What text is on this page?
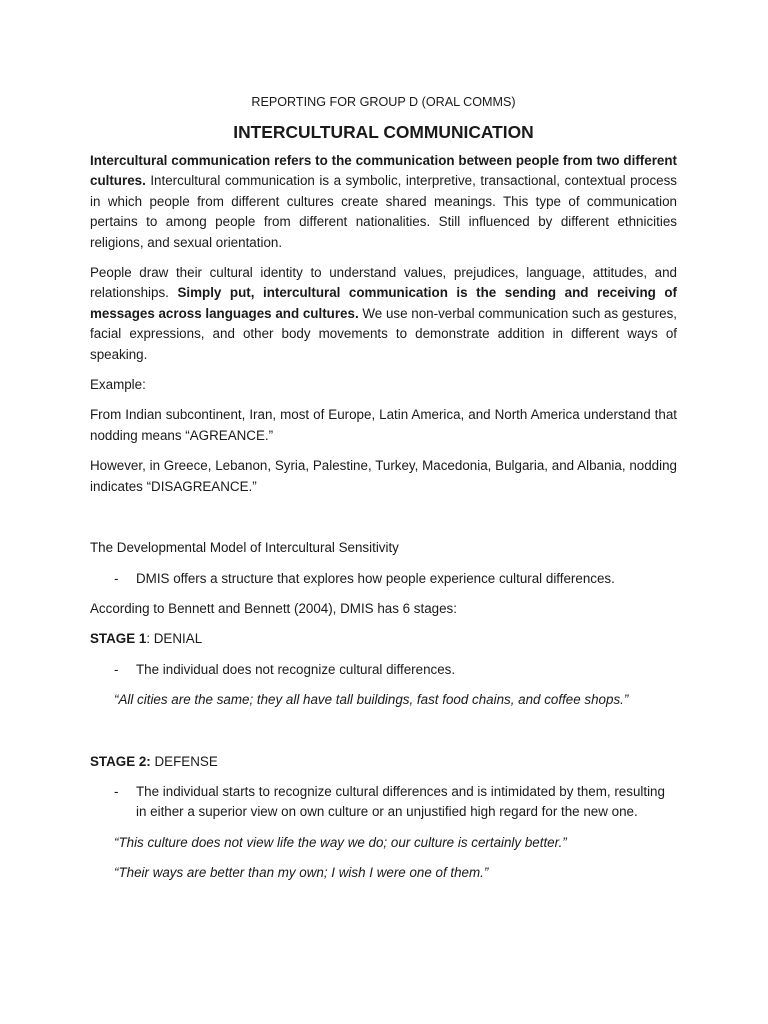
REPORTING FOR GROUP D (ORAL COMMS)
INTERCULTURAL COMMUNICATION

Intercultural communication refers to the communication between people from two different cultures. Intercultural communication is a symbolic, interpretive, transactional, contextual process in which people from different cultures create shared meanings. This type of communication pertains to among people from different nationalities. Still influenced by different ethnicities religions, and sexual orientation.

People draw their cultural identity to understand values, prejudices, language, attitudes, and relationships. Simply put, intercultural communication is the sending and receiving of messages across languages and cultures. We use non-verbal communication such as gestures, facial expressions, and other body movements to demonstrate addition in different ways of speaking.

Example:

From Indian subcontinent, Iran, most of Europe, Latin America, and North America understand that nodding means “AGREANCE.”

However, in Greece, Lebanon, Syria, Palestine, Turkey, Macedonia, Bulgaria, and Albania, nodding indicates “DISAGREANCE.”

The Developmental Model of Intercultural Sensitivity

-	DMIS offers a structure that explores how people experience cultural differences.

According to Bennett and Bennett (2004), DMIS has 6 stages:

STAGE 1: DENIAL
-	The individual does not recognize cultural differences.
“All cities are the same; they all have tall buildings, fast food chains, and coffee shops.”
STAGE 2: DEFENSE
-	The individual starts to recognize cultural differences and is intimidated by them, resulting in either a superior view on own culture or an unjustified high regard for the new one.
“This culture does not view life the way we do; our culture is certainly better.”
“Their ways are better than my own; I wish I were one of them.”
